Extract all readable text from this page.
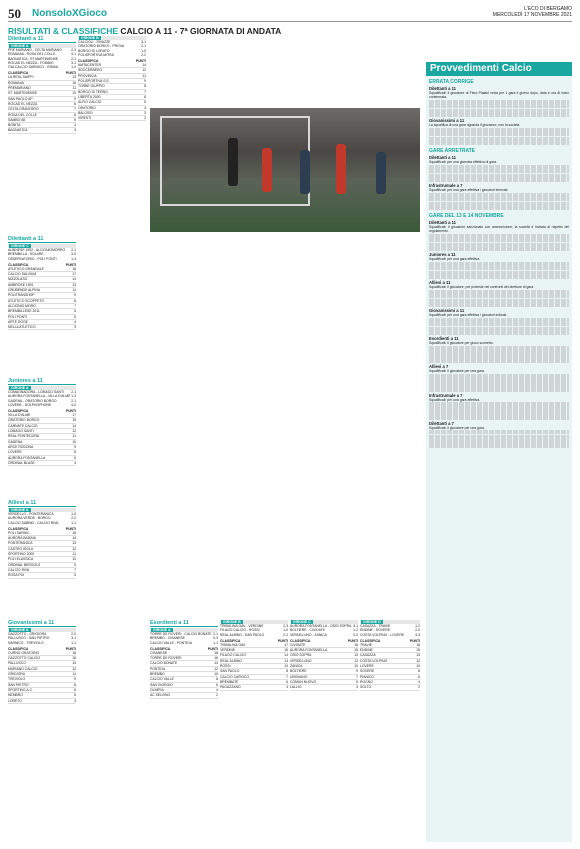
50 NonsoloXGioco	L'ECO DI BERGAMO
MERCOLEDÌ 17 NOVEMBRE 2021
RISULTATI & CLASSIFICHE CALCIO A 11 - 7ª GIORNATA DI ANDATA
Dilettanti a 11
GIRONE A
PRE MARIANO - CELTA MARIANO	2-3
ROMANIA - ROSA DEL COLLE	4-1
BAGNATICA - ST.MARTINIENSE	2-1
ROCAD EL NEZZA - FOMBIO	3-1
ITALCALCIO SARNICO - GRAVA	1-0
CLASSIFICA	PUNTI
LA RESL SAIPPI	13
ROMANIA	16
PREMARIANO	11
ST. MARTINIENSE	10
SAN PAOLO AP	9
ROCAD EL NEZZA	8
CELTA GRAVEGRO	7
ROSA DEL COLLE	6
SAMBO 68	5
BONITA	4
BAGNATICA	3
GIRONE B
CALCIOLI - RIVAZZE	3-1
ORATORIO BORGO - PROVA	2-1
BORGO DI LORATO	1-0
POLISPORTIVA MITRA	2-2
CLASSIFICA	PUNTI
AMTACENTER	14
SOCCERBERG	12
PROVINCIA	11
POLISPORTIVA S.E.	9
TORBE GIUPPIO	8
BORGO DI TERNO	7
LIBERTÀ 2000	6
ALFIO CALCIO	5
ORATORIO	4
BALOSSI	3
VIRESTI	2
Dilettanti a 11
GIRONE C
ALBINESE 1992 - ALCIONIOMORRO 2-1
BREMBILLA - SOLARE	3-0
OSSERVATORIO - POLI PONTI	1-4
CLASSIFICA	PUNTI
ATLETICO GRANDALE	18
CALCIO SALVIUM	17
NIZZOLASO	14
AMBROSE 1991	13
GRUBENDE ALPINA	11
POLITRANSHOP	9
ATLETICO SCOPPETO	8
ALCIONIO MORO	7
BREMBILLESE 2011	6
POLI PONTI	5
ARTE DOGE	4
NELLA ATLETICO	3
Juniores a 11
GIRONE A
COMAGNADORA - LOMAGO SANTI 2-1
AURORA FONTANELLA - VILLA D'ALMÈ 1-3
GADENA - ORATORIO BORGO	2-1
LOVERE - DOLPHOPHONE	4-0
CLASSIFICA	PUNTI
VILLA D'ALMÈ	17
ORATORIO BORGO	15
CARNATE CALCIO	14
LOMAGO SANTI	12
REAL PONTEDORA	11
GADENA	10
ARCE RODONA	9
LOVERE	8
AURORA FONTANELLA	6
ORDINAL BLASE	4
Allievi a 11
GIRONE A
VERDELLO - PONTERANICA	1-0
AURORA VERDE - BORGO	2-2
CALCIO SABBIO - CALCIO RIVA	1-1
CLASSIFICA	PUNTI
POLI SARNIC	16
AURORA BADINA	14
PONTERANICA	13
CASTRO ISOLA	12
SPORTING 2000	11
POLI ELASSICA	10
ORDINAL BERGOLS	9
CALCIO RIVA	7
ROSA PIÙ	5
Giovanissimi a 11
GIRONE A
GAZZOTTO - GRIGIORA	2-0
PALLUSCO - SAN PIETRO	3-1
SARNICO - TREVIOLO	1-1
CLASSIFICA	PUNTI
CURNO ORATORIO	18
GAZZOTTO CALCIO	16
PALLUSCO	14
MARIANO CALCIO	12
GRIGIORA	11
TREVIOLO	9
SAN PIETRO	8
SPORTING A.C.	6
NEMBRO	5
LORETO	3
Esordienti a 11
GIRONE A
TORRE DE ROVERI - CALCIO BONATE 2-1
BREMBO - CISANESE	0-3
CALCIO VALLE - PONTIDA	1-1
CLASSIFICA	PUNTI
CISANESE	18
TORRE DE ROVERI	16
CALCIO BONATE	14
PONTIDA	12
BREMBO	10
CALCIO VALLE	8
SAN GIORGIO	6
OLIMPIA	4
AC SELVINO	2
GIRONE B
TRIBULINA GAV - VERDINE	2-3
FILAGO CALCIO - ROSSI	1-0
REAL ALBINO - SAN PAOLO	2-2
CLASSIFICA	PUNTI
TRIBULINA GAV	17
VERDINE	15
FILAGO CALCIO	14
REAL ALBINO	13
ROSSI	10
SAN PAOLO	8
CALCIO CARVICO	7
BREMBATE	6
PAGAZZANO	4
GIRONE C
AURORA FONTANELLA - OSIO SOPRA 3-1
BOLTIERE - CIVIDATE	1-2
VERDELLINO - ZANICA	0-0
CLASSIFICA	PUNTI
CIVIDATE	16
AURORA FONTANELLA	15
OSIO SOPRA	13
VERDELLINO	12
ZANICA	10
BOLTIERE	9
URGNANO	7
COMUN NUOVO	5
LALLIO	3
GIRONE D
CASAZZA - TRAVIE	1-2
ENDINE - SOVERE	2-0
COSTA VOLPINO - LOVERE	3-3
CLASSIFICA	PUNTI
TRAVIE	18
ENDINE	15
CASAZZA	13
COSTA VOLPINO	12
LOVERE	10
SOVERE	8
PIANICO	6
ROGNO	4
SOLTO	2
Provvedimenti Calcio
ERRATA CORRIGE
Dilettanti a 11
Squalificati: il giocatore di Fiera Platani resta per 1 gara il giorno dopo, data e ora di inizio confermata.
Giovanissimi a 11
La squalifica di una gara riguarda il giocatore, non la società.
GARE ARRETRATE
Dilettanti a 11
Squalificati: per una giornata effettiva di gara.
Infrastrumale a 7
Squalificati: per una gara effettiva i giocatori elencati.
GARE DEL 13 E 14 NOVEMBRE
Dilettanti a 11
Squalificati: il giocatore sanzionato con ammonizione; la società è invitata al rispetto del regolamento.
Juniores a 11
Squalificati: per una gara effettiva.
Allievi a 11
Squalificati: il giocatore, per proteste nei confronti del direttore di gara.
Giovanissimi a 11
Squalificati: per una gara effettiva i giocatori indicati.
Esordienti a 11
Squalificati: il giocatore per gioco scorretto.
Allievi a 7
Squalificati: il giocatore per una gara.
Infrastrumale a 7
Squalificati: per una gara effettiva.
Dilettanti a 7
Squalificati: il giocatore per una gara.
